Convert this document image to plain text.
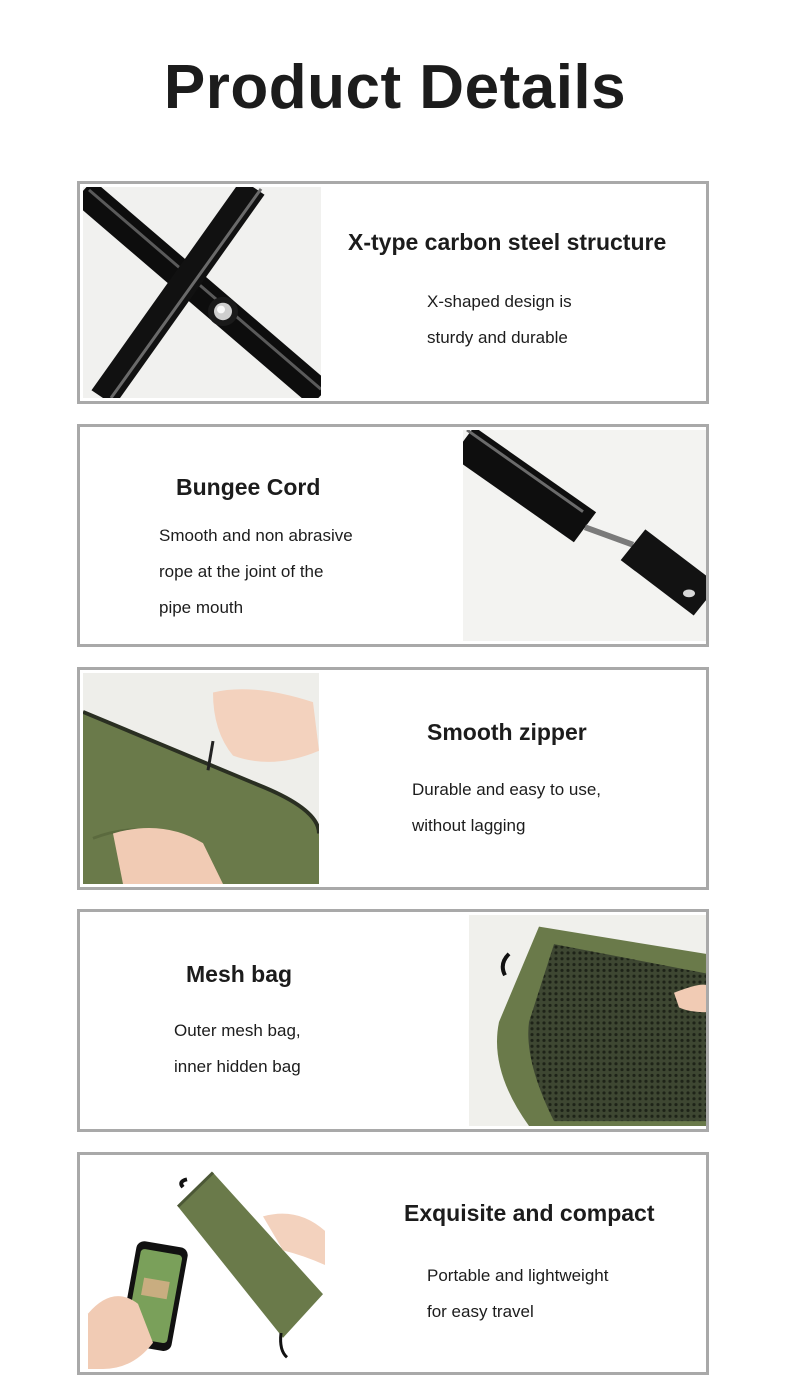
Product Details
X-type carbon steel structure
X-shaped design is
sturdy and durable
Bungee Cord
Smooth and non abrasive
rope at the joint of the
pipe mouth
Smooth zipper
Durable and easy to use,
without lagging
Mesh bag
Outer mesh bag,
inner hidden bag
Exquisite and compact
Portable and lightweight
for easy travel
